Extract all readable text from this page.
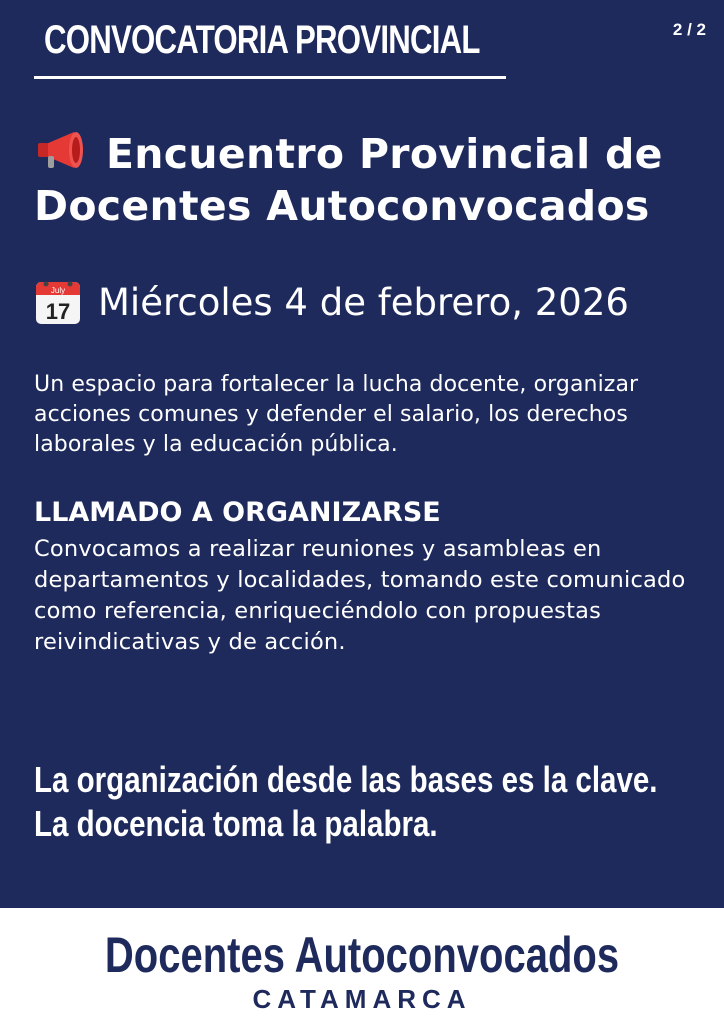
CONVOCATORIA PROVINCIAL	2 / 2
Encuentro Provincial de Docentes Autoconvocados
July
17 Miércoles 4 de febrero, 2026
Un espacio para fortalecer la lucha docente, organizar acciones comunes y defender el salario, los derechos laborales y la educación pública.
LLAMADO A ORGANIZARSE
Convocamos a realizar reuniones y asambleas en departamentos y localidades, tomando este comunicado como referencia, enriqueciéndolo con propuestas reivindicativas y de acción.
La organización desde las bases es la clave.
La docencia toma la palabra.
Docentes Autoconvocados
CATAMARCA
